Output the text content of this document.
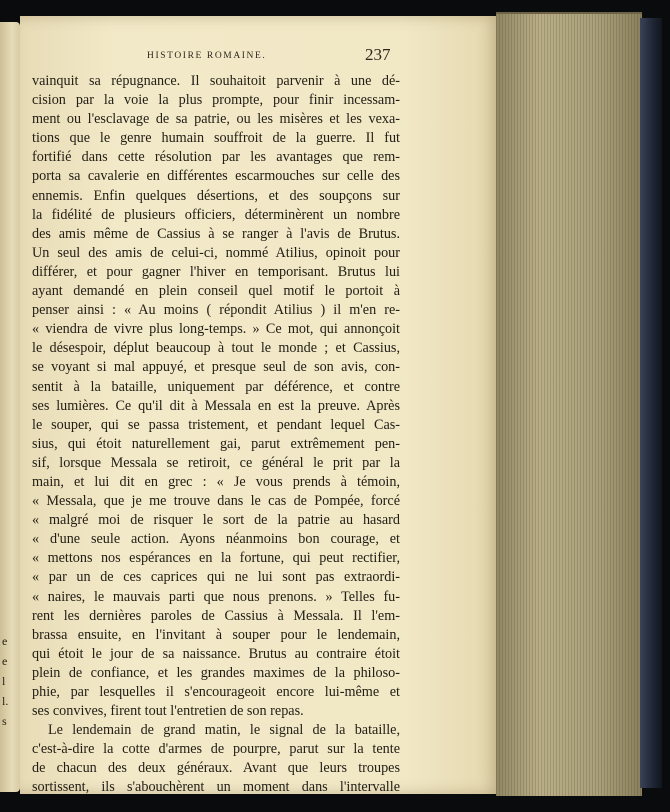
e
e
l
l.
s
HISTOIRE ROMAINE.	237
vainquit sa répugnance. Il souhaitoit parvenir à une dé-
cision par la voie la plus prompte, pour finir incessam-
ment ou l'esclavage de sa patrie, ou les misères et les vexa-
tions que le genre humain souffroit de la guerre. Il fut
fortifié dans cette résolution par les avantages que rem-
porta sa cavalerie en différentes escarmouches sur celle des
ennemis. Enfin quelques désertions, et des soupçons sur
la fidélité de plusieurs officiers, déterminèrent un nombre
des amis même de Cassius à se ranger à l'avis de Brutus.
Un seul des amis de celui-ci, nommé Atilius, opinoit pour
différer, et pour gagner l'hiver en temporisant. Brutus lui
ayant demandé en plein conseil quel motif le portoit à
penser ainsi : « Au moins ( répondit Atilius ) il m'en re-
« viendra de vivre plus long-temps. » Ce mot, qui annonçoit
le désespoir, déplut beaucoup à tout le monde ; et Cassius,
se voyant si mal appuyé, et presque seul de son avis, con-
sentit à la bataille, uniquement par déférence, et contre
ses lumières. Ce qu'il dit à Messala en est la preuve. Après
le souper, qui se passa tristement, et pendant lequel Cas-
sius, qui étoit naturellement gai, parut extrêmement pen-
sif, lorsque Messala se retiroit, ce général le prit par la
main, et lui dit en grec : « Je vous prends à témoin,
« Messala, que je me trouve dans le cas de Pompée, forcé
« malgré moi de risquer le sort de la patrie au hasard
« d'une seule action. Ayons néanmoins bon courage, et
« mettons nos espérances en la fortune, qui peut rectifier,
« par un de ces caprices qui ne lui sont pas extraordi-
« naires, le mauvais parti que nous prenons. » Telles fu-
rent les dernières paroles de Cassius à Messala. Il l'em-
brassa ensuite, en l'invitant à souper pour le lendemain,
qui étoit le jour de sa naissance. Brutus au contraire étoit
plein de confiance, et les grandes maximes de la philoso-
phie, par lesquelles il s'encourageoit encore lui-même et
ses convives, firent tout l'entretien de son repas.
Le lendemain de grand matin, le signal de la bataille,
c'est-à-dire la cotte d'armes de pourpre, parut sur la tente
de chacun des deux généraux. Avant que leurs troupes
sortissent, ils s'abouchèrent un moment dans l'intervalle
